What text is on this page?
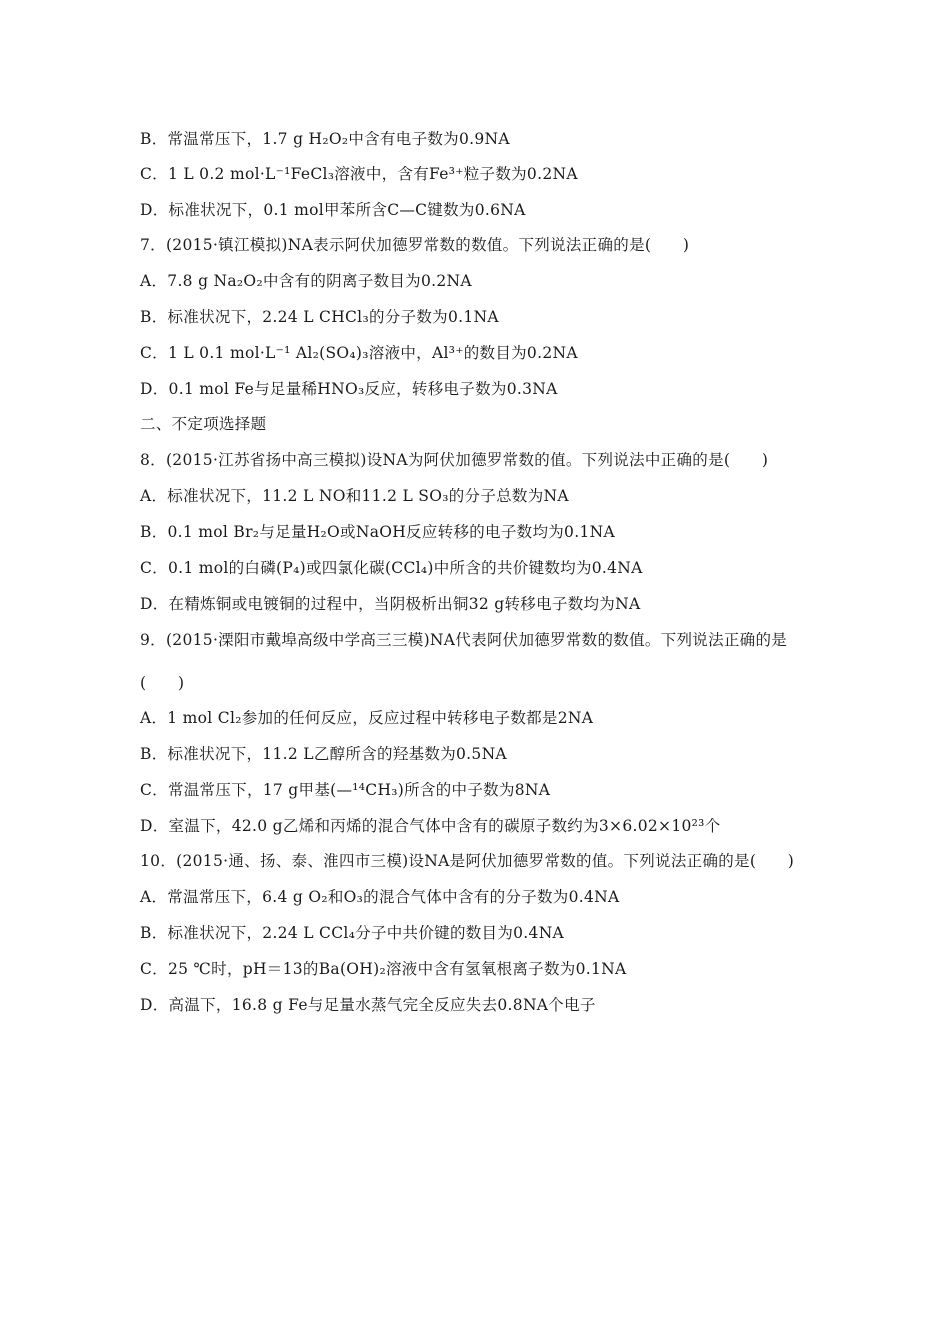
B．常温常压下，1.7 g H₂O₂中含有电子数为0.9NA
C．1 L 0.2 mol·L⁻¹FeCl₃溶液中，含有Fe³⁺粒子数为0.2NA
D．标准状况下，0.1 mol甲苯所含C—C键数为0.6NA
7．(2015·镇江模拟)NA表示阿伏加德罗常数的数值。下列说法正确的是(　　)
A．7.8 g Na₂O₂中含有的阴离子数目为0.2NA
B．标准状况下，2.24 L CHCl₃的分子数为0.1NA
C．1 L 0.1 mol·L⁻¹ Al₂(SO₄)₃溶液中，Al³⁺的数目为0.2NA
D．0.1 mol Fe与足量稀HNO₃反应，转移电子数为0.3NA
二、不定项选择题
8．(2015·江苏省扬中高三模拟)设NA为阿伏加德罗常数的值。下列说法中正确的是(　　)
A．标准状况下，11.2 L NO和11.2 L SO₃的分子总数为NA
B．0.1 mol Br₂与足量H₂O或NaOH反应转移的电子数均为0.1NA
C．0.1 mol的白磷(P₄)或四氯化碳(CCl₄)中所含的共价键数均为0.4NA
D．在精炼铜或电镀铜的过程中，当阴极析出铜32 g转移电子数均为NA
9．(2015·溧阳市戴埠高级中学高三三模)NA代表阿伏加德罗常数的数值。下列说法正确的是
(　　)
A．1 mol Cl₂参加的任何反应，反应过程中转移电子数都是2NA
B．标准状况下，11.2 L乙醇所含的羟基数为0.5NA
C．常温常压下，17 g甲基(—¹⁴CH₃)所含的中子数为8NA
D．室温下，42.0 g乙烯和丙烯的混合气体中含有的碳原子数约为3×6.02×10²³个
10．(2015·通、扬、泰、淮四市三模)设NA是阿伏加德罗常数的值。下列说法正确的是(　　)
A．常温常压下，6.4 g O₂和O₃的混合气体中含有的分子数为0.4NA
B．标准状况下，2.24 L CCl₄分子中共价键的数目为0.4NA
C．25 ℃时，pH＝13的Ba(OH)₂溶液中含有氢氧根离子数为0.1NA
D．高温下，16.8 g Fe与足量水蒸气完全反应失去0.8NA个电子
